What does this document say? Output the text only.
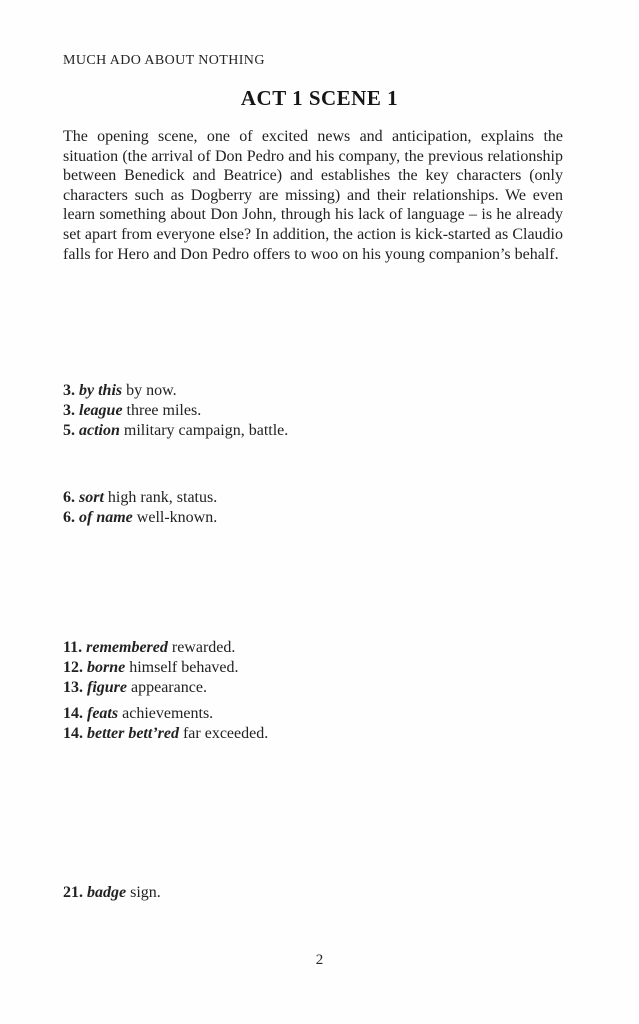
MUCH ADO ABOUT NOTHING
ACT 1 SCENE 1

The opening scene, one of excited news and anticipation, explains the situation (the arrival of Don Pedro and his company, the previous relationship between Benedick and Beatrice) and establishes the key characters (only characters such as Dogberry are missing) and their relationships. We even learn something about Don John, through his lack of language – is he already set apart from everyone else? In addition, the action is kick-started as Claudio falls for Hero and Don Pedro offers to woo on his young companion’s behalf.

3. by this by now.
3. league three miles.
5. action military campaign, battle.
6. sort high rank, status.
6. of name well-known.
11. remembered rewarded.
12. borne himself behaved.
13. figure appearance.
14. feats achievements.
14. better bett’red far exceeded.
21. badge sign.
2
